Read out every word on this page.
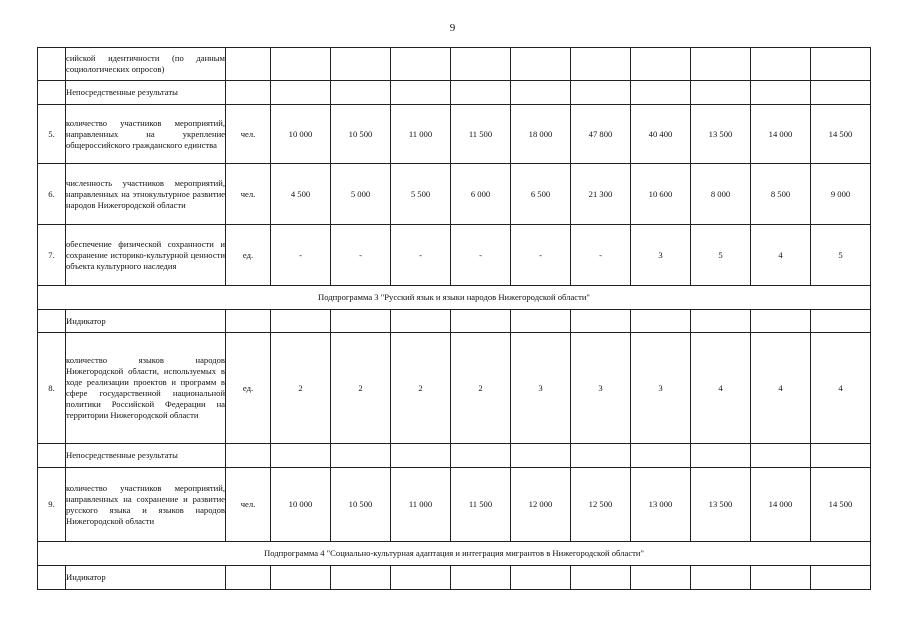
9
	сийской идентичности (по данным социологических опросов)											
	Непосредственные результаты											
5.	количество участников мероприятий, направленных на укрепление общероссийского гражданского единства	чел.	10 000	10 500	11 000	11 500	18 000	47 800	40 400	13 500	14 000	14 500
6.	численность участников мероприятий, направленных на этнокультурное развитие народов Нижегородской области	чел.	4 500	5 000	5 500	6 000	6 500	21 300	10 600	8 000	8 500	9 000
7.	обеспечение физической сохранности и сохранение историко-культурной ценности объекта культурного наследия	ед.	-	-	-	-	-	-	3	5	4	5
Подпрограмма 3 "Русский язык и языки народов Нижегородской области"												
	Индикатор											
8.	количество языков народов Нижегородской области, используемых в ходе реализации проектов и программ в сфере государственной национальной политики Российской Федерации на территории Нижегородской области	ед.	2	2	2	2	3	3	3	4	4	4
	Непосредственные результаты											
9.	количество участников мероприятий, направленных на сохранение и развитие русского языка и языков народов Нижегородской области	чел.	10 000	10 500	11 000	11 500	12 000	12 500	13 000	13 500	14 000	14 500
Подпрограмма 4 "Социально-культурная адаптация и интеграция мигрантов в Нижегородской области"												
	Индикатор											
